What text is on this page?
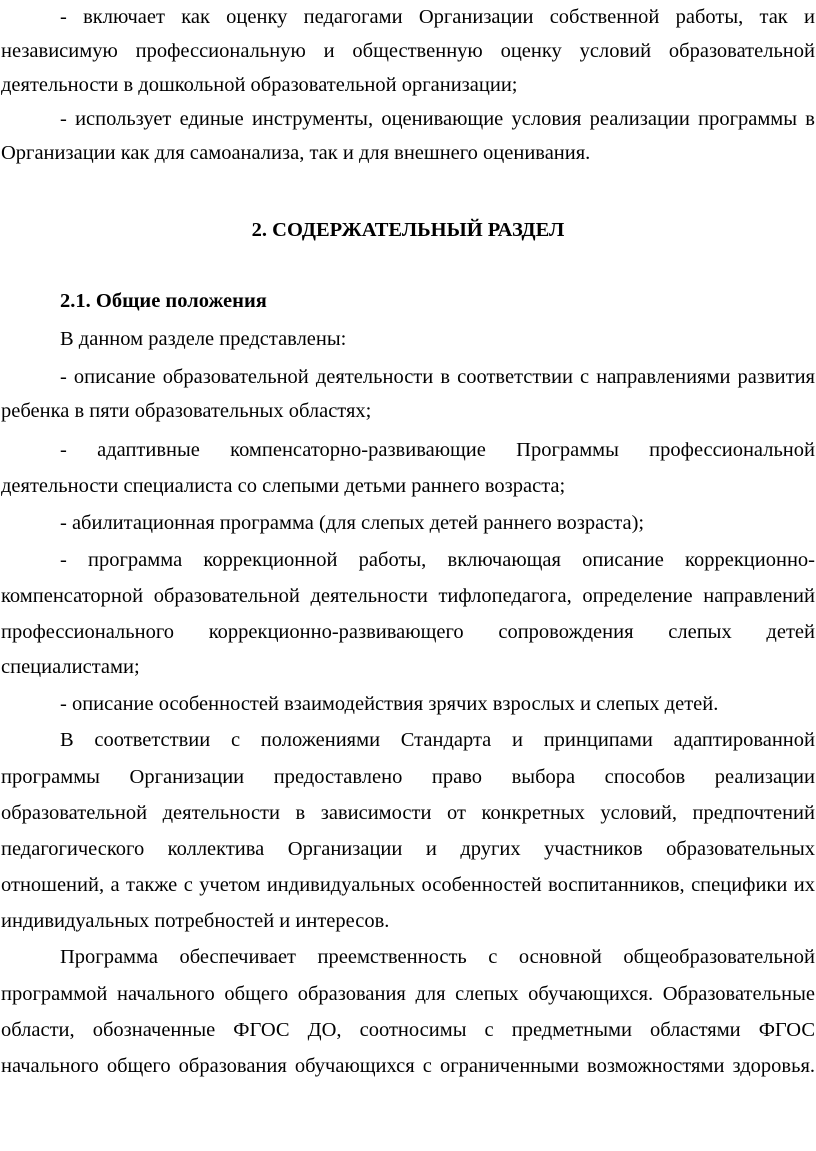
- включает как оценку педагогами Организации собственной работы, так и
независимую профессиональную и общественную оценку условий образовательной
деятельности в дошкольной образовательной организации;
- использует единые инструменты, оценивающие условия реализации программы в
Организации как для самоанализа, так и для внешнего оценивания.
2. СОДЕРЖАТЕЛЬНЫЙ РАЗДЕЛ
2.1. Общие положения
В данном разделе представлены:
- описание образовательной деятельности в соответствии с направлениями развития
ребенка в пяти образовательных областях;
- адаптивные компенсаторно-развивающие Программы профессиональной
деятельности специалиста со слепыми детьми раннего возраста;
- абилитационная программа (для слепых детей раннего возраста);
- программа коррекционной работы, включающая описание коррекционно-
компенсаторной образовательной деятельности тифлопедагога, определение направлений
профессионального коррекционно-развивающего сопровождения слепых детей
специалистами;
- описание особенностей взаимодействия зрячих взрослых и слепых детей.
В соответствии с положениями Стандарта и принципами адаптированной
программы Организации предоставлено право выбора способов реализации
образовательной деятельности в зависимости от конкретных условий, предпочтений
педагогического коллектива Организации и других участников образовательных
отношений, а также с учетом индивидуальных особенностей воспитанников, специфики их
индивидуальных потребностей и интересов.
Программа обеспечивает преемственность с основной общеобразовательной
программой начального общего образования для слепых обучающихся. Образовательные
области, обозначенные ФГОС ДО, соотносимы с предметными областями ФГОС
начального общего образования обучающихся с ограниченными возможностями здоровья.
